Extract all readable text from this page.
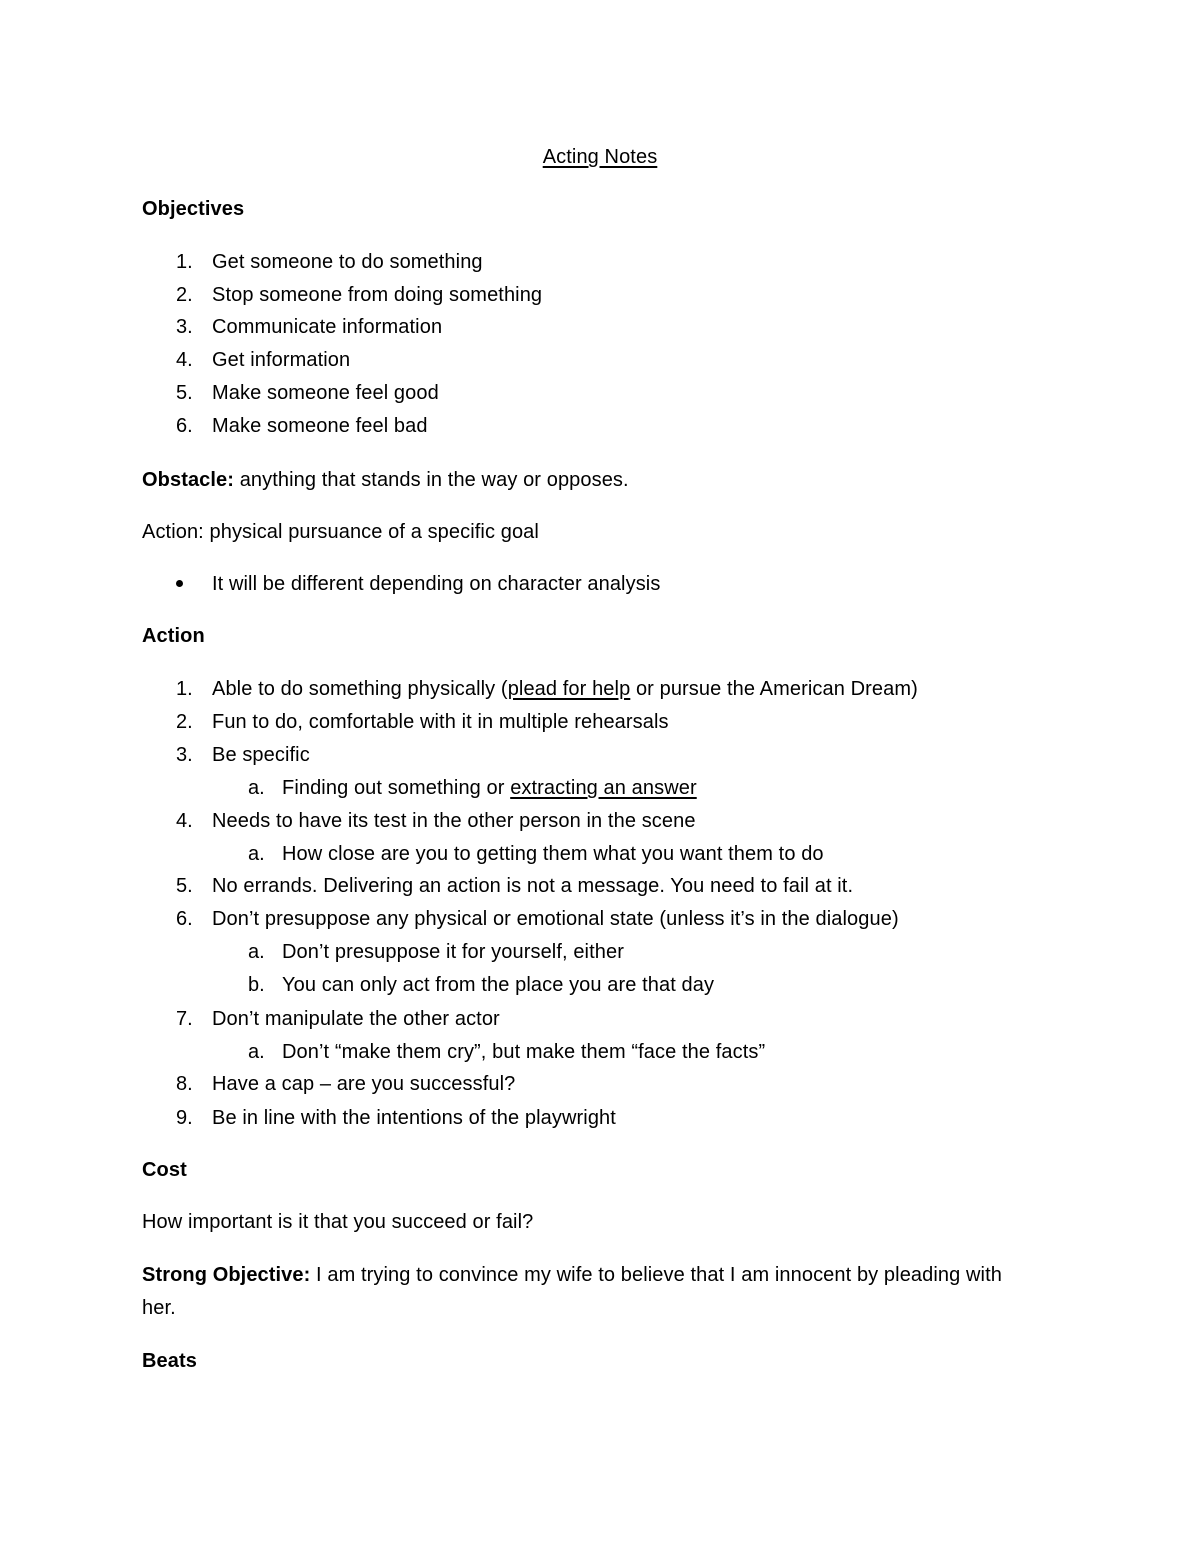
Acting Notes
Objectives
1. Get someone to do something
2. Stop someone from doing something
3. Communicate information
4. Get information
5. Make someone feel good
6. Make someone feel bad
Obstacle: anything that stands in the way or opposes.
Action: physical pursuance of a specific goal
It will be different depending on character analysis
Action
1. Able to do something physically (plead for help or pursue the American Dream)
2. Fun to do, comfortable with it in multiple rehearsals
3. Be specific
a. Finding out something or extracting an answer
4. Needs to have its test in the other person in the scene
a. How close are you to getting them what you want them to do
5. No errands. Delivering an action is not a message. You need to fail at it.
6. Don’t presuppose any physical or emotional state (unless it’s in the dialogue)
a. Don’t presuppose it for yourself, either
b. You can only act from the place you are that day
7. Don’t manipulate the other actor
a. Don’t “make them cry”, but make them “face the facts”
8. Have a cap – are you successful?
9. Be in line with the intentions of the playwright
Cost
How important is it that you succeed or fail?
Strong Objective: I am trying to convince my wife to believe that I am innocent by pleading with
her.
Beats
